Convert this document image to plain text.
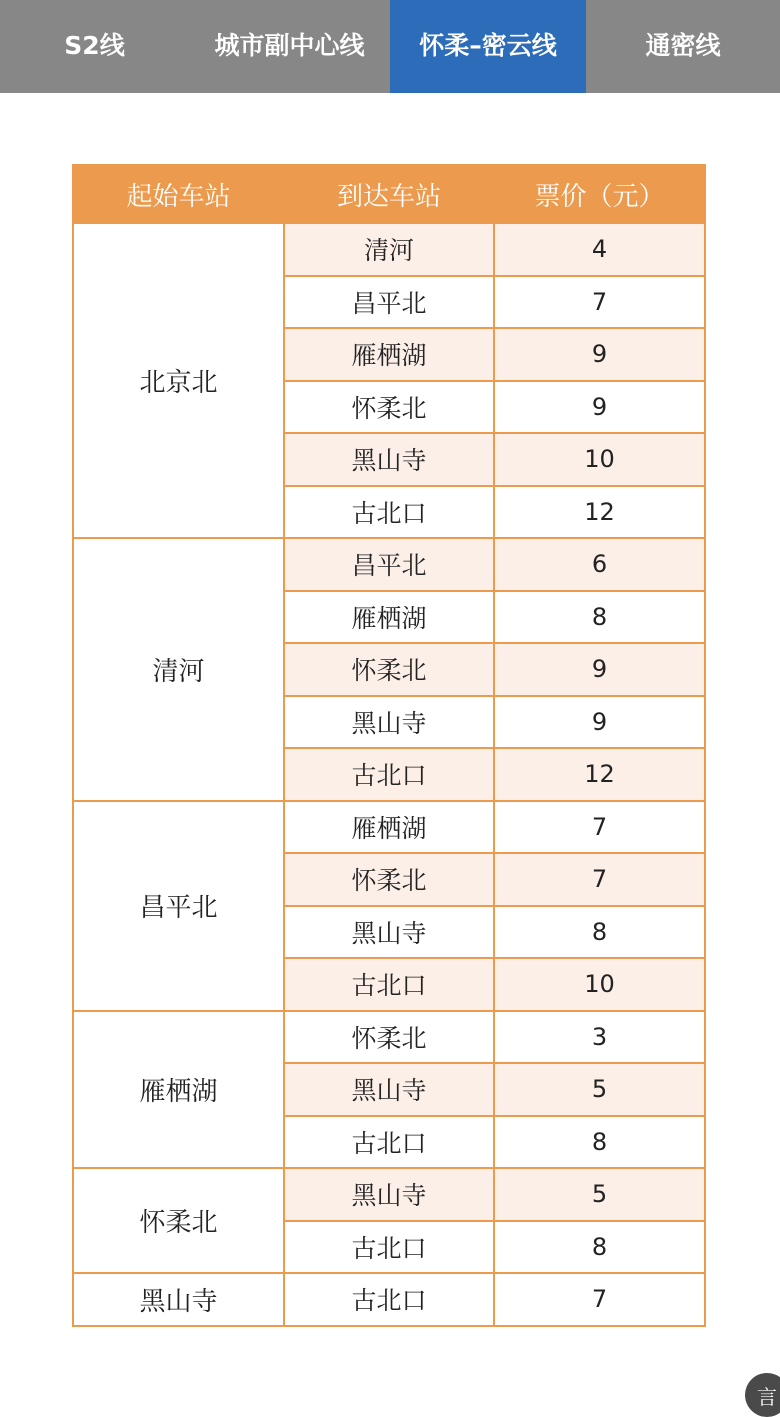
S2线	城市副中心线	怀柔–密云线	通密线
起始车站	到达车站	票价（元）
北京北	清河	4
	昌平北	7
	雁栖湖	9
	怀柔北	9
	黑山寺	10
	古北口	12
清河	昌平北	6
	雁栖湖	8
	怀柔北	9
	黑山寺	9
	古北口	12
昌平北	雁栖湖	7
	怀柔北	7
	黑山寺	8
	古北口	10
雁栖湖	怀柔北	3
	黑山寺	5
	古北口	8
怀柔北	黑山寺	5
	古北口	8
黑山寺	古北口	7
言
